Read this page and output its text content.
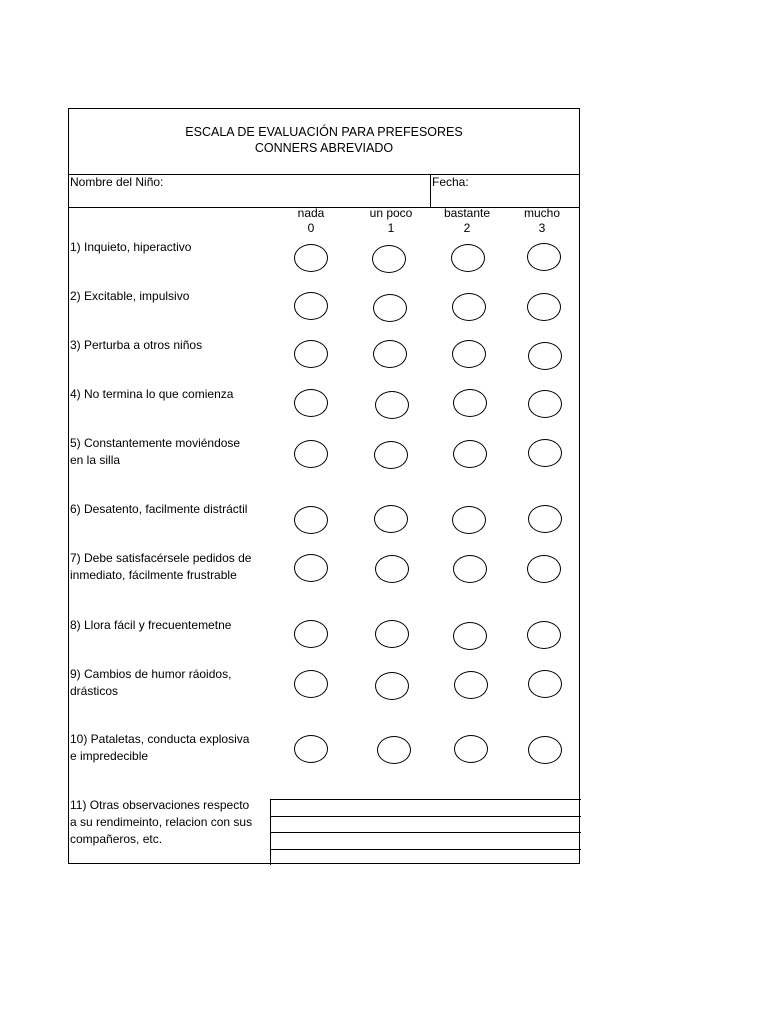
ESCALA DE EVALUACIÓN PARA PREFESORES
CONNERS ABREVIADO
Nombre del Niño:	Fecha:
nada
0
un poco
1
bastante
2
mucho
3
1) Inquieto, hiperactivo
2) Excitable, impulsivo
3) Perturba a otros niños
4) No termina lo que comienza
5) Constantemente moviéndose
en la silla
6) Desatento, facilmente distráctil
7) Debe satisfacérsele pedidos de
inmediato, fácilmente frustrable
8) Llora fácil y frecuentemetne
9) Cambios de humor ráoidos,
drásticos
10) Pataletas, conducta explosiva
e impredecible
11) Otras observaciones respecto
a su rendimeinto, relacion con sus
compañeros, etc.
